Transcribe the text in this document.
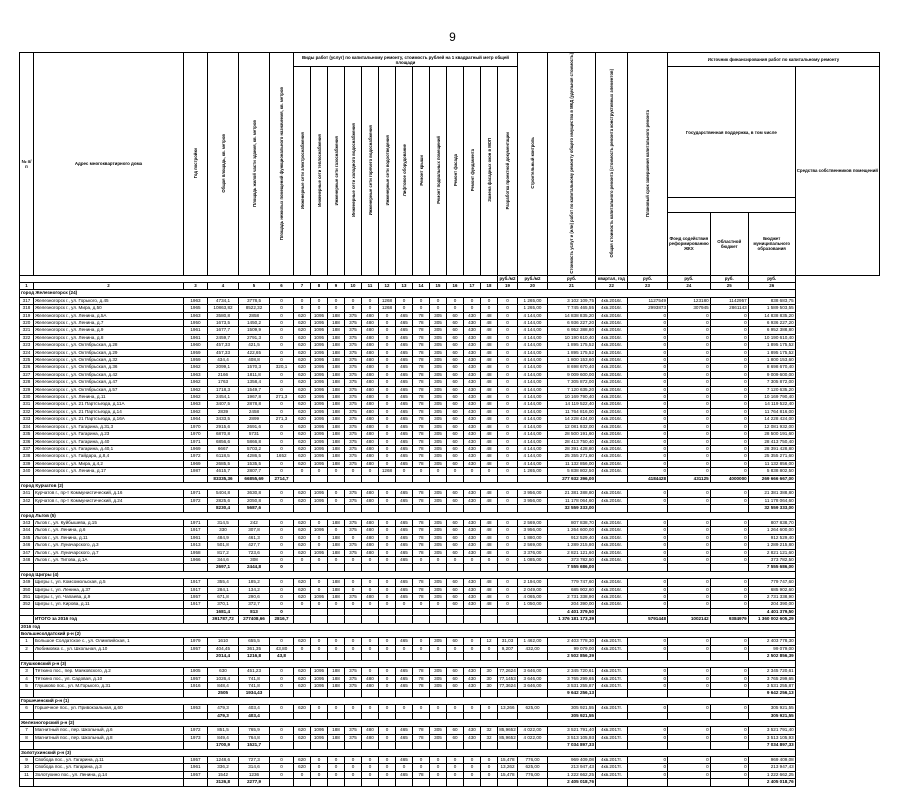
9
№ п/п	Адрес многоквартирного дома	Год постройки	Общая площадь, кв. метров	Площадь жилой части здания, кв. метров	Площадь нежилых помещений функционального назначения, кв. метров	Виды работ (услуг) по капитальному ремонту, стоимость рублей на 1 квадратный метр общей площади													Строительный контроль	Стоимость услуг и (или) работ по капитальному ремонту общего имущества в МКД (удельная стоимость)	Общая стоимость капитального ремонта (стоимость ремонта конструктивных элементов)	Плановый срок завершения капитального ремонта	Источник финансирования работ по капитальному ремонту			
						Инженерные сети электроснабжения	Инженерные сети теплоснабжения	Инженерные сети газоснабжения	Инженерные сети холодного водоснабжения	Инженерные сети горячего водоснабжения	Инженерные сети водоотведения	Лифтовое оборудование	Ремонт крыши	Ремонт подвальных помещений	Ремонт фасада	Ремонт фундамента	Замена фасадных окон в МОП	Разработка проектной документации					Государственная поддержка, в том числе			Средства собственников помещений

																							Фонд содействия реформированию ЖКХ	Областной бюджет	Бюджет муниципального образования	
																		руб./м2	руб./м2	руб.	квартал, год	руб.	руб.	руб.	руб.	
1	2	3	4	5	6	7	8	9	10	11	12	13	14	15	16	17	18	19	20	21	22	23	24	25	26	
город Железногорск (24)																										
317	Железногорск г., ул. Горького, д.45	1963	4734,1	3778,5	0	0	0	0	0	0	1268	0	0	0	0	0	0	0	1 265,00	3 102 109,75	4кв.2016г.	1127549	123180	1142957	838 683,75	
318	Железногорск г., ул. Мира, д.50	1965	10863,82	8522,32	0	0	0	0	0	0	1268	0	0	0	0	0	0	0	1 265,00	7 745 465,55	4кв.2016г.	2993873	307945	2861143	1 589 503,55	
319	Железногорск г., ул. Ленина, д.5А	1963	3580,8	2858	0	620	1095	188	375	480	0	465	78	305	60	430	48	0	4 144,00	14 838 835,20	4кв.2016г.	0	0	0	14 838 835,20	
320	Железногорск г., ул. Ленина, д.7	1950	1673,5	1450,2	0	620	1095	188	375	480	0	465	78	305	60	430	48	0	4 144,00	6 936 227,20	4кв.2016г.	0	0	0	6 936 227,20	
321	Железногорск г., ул. Ленина, д.9	1961	1677,7	1509,9	0	620	1095	188	375	480	0	465	78	305	60	430	48	0	4 144,00	6 952 388,80	4кв.2016г.	0	0	0	6 952 388,80	
322	Железногорск г., ул. Ленина, д.8	1961	2459,7	2791,3	0	620	1095	188	375	480	0	465	78	305	60	430	48	0	4 144,00	10 190 610,40	4кв.2016г.	0	0	0	10 190 610,40	
323	Железногорск г., ул. Октябрьская, д.28	1960	457,33	421,5	0	620	1095	188	375	480	0	465	78	305	60	430	48	0	4 144,00	1 895 175,52	4кв.2016г.	0	0	0	1 895 175,52	
324	Железногорск г., ул. Октябрьская, д.29	1959	457,33	422,65	0	620	1095	188	375	480	0	465	78	305	60	430	48	0	4 144,00	1 895 175,52	4кв.2016г.	0	0	0	1 895 175,52	
325	Железногорск г., ул. Октябрьская, д.32	1959	434,4	408,8	0	620	1095	188	375	480	0	465	78	305	60	430	48	0	4 144,00	1 800 153,60	4кв.2016г.	0	0	0	1 800 153,60	
326	Железногорск г., ул. Октябрьская, д.36	1962	2099,1	1570,3	320,1	620	1095	188	375	480	0	465	78	305	60	430	48	0	4 144,00	8 698 670,40	4кв.2016г.	0	0	0	8 698 670,40	
327	Железногорск г., ул. Октябрьская, д.42	1963	2166	1811,8	0	620	1095	188	375	480	0	465	78	305	60	430	48	0	4 144,00	9 009 600,00	4кв.2016г.	0	0	0	9 009 600,00	
328	Железногорск г., ул. Октябрьская, д.47	1962	1763	1358,4	0	620	1095	188	375	480	0	465	78	305	60	430	48	0	4 144,00	7 305 872,00	4кв.2016г.	0	0	0	7 305 872,00	
329	Железногорск г., ул. Октябрьская, д.57	1962	1718,3	1549,7	0	620	1095	188	375	480	0	465	78	305	60	430	48	0	4 144,00	7 120 635,20	4кв.2016г.	0	0	0	7 120 635,20	
330	Железногорск г., ул. Ленина, д.11	1962	2454,1	1967,8	271,3	620	1095	188	375	480	0	465	78	305	60	430	48	0	4 144,00	10 169 790,40	4кв.2016г.	0	0	0	10 169 790,40	
331	Железногорск г., ул. 21 Партсъезда, д.11А	1963	3407,5	2878,8	0	620	1095	188	375	480	0	465	78	305	60	430	48	0	4 144,00	14 119 522,40	4кв.2016г.	0	0	0	14 119 522,40	
332	Железногорск г., ул. 21 Партсъезда, д.14	1962	2839	2458	0	620	1095	188	375	480	0	465	78	305	60	430	48	0	4 144,00	11 764 816,00	4кв.2016г.	0	0	0	11 764 816,00	
333	Железногорск г., ул. 21 Партсъезда, д.16А	1964	3433,5	2899	271,3	620	1095	188	375	480	0	465	78	305	60	430	48	0	4 144,00	14 228 424,00	4кв.2016г.	0	0	0	14 228 424,00	
334	Железногорск г., ул. Гагарина, д.31,3	1970	2915,6	2691,6	0	620	1095	188	375	480	0	465	78	305	60	430	48	0	4 144,00	12 081 932,00	4кв.2016г.	0	0	0	12 081 932,00	
335	Железногорск г., ул. Гагарина, д.23	1970	6870,8	5731	0	620	1095	188	375	480	0	465	78	305	60	430	48	0	4 144,00	28 500 191,60	4кв.2016г.	0	0	0	28 500 191,60	
336	Железногорск г., ул. Гагарина, д.40	1971	6856,6	5866,8	0	620	1095	188	375	480	0	465	78	305	60	430	48	0	4 144,00	28 413 750,40	4кв.2016г.	0	0	0	28 413 750,40	
337	Железногорск г., ул. Гагарина, д.40,1	1969	6667	5703,2	0	620	1095	188	375	480	0	465	78	305	60	430	48	0	4 144,00	28 391 428,80	4кв.2016г.	0	0	0	28 391 428,80	
338	Железногорск г., ул. Гайдара, д.8,4	1972	6118,5	4286,5	1652	620	1095	188	375	480	0	465	78	305	60	430	48	0	4 144,00	25 355 271,60	4кв.2016г.	0	0	0	25 355 271,60	
339	Железногорск г., ул. Мира, д.4,2	1969	2685,5	1535,5	0	620	1095	188	375	480	0	465	78	305	60	430	48	0	4 144,00	11 132 856,00	4кв.2016г.	0	0	0	11 132 856,00	
340	Железногорск г., ул. Ленина, д.17	1987	4615,7	2807,7	0	0	0	0	0	0	1268	0	0	0	0	0	0	0	1 265,00	5 838 802,50	4кв.2016г.	0	0	0	5 838 802,50	
			83335,36	66855,69	2714,7															277 932 396,00		4184428	431125	4000000	269 666 667,00	
город Курчатов (2)																										
341	Курчатов г., пр-т Коммунистический, д.16	1971	5404,8	3630,8	0	620	1095	0	375	480	0	465	78	305	60	430	48	0	3 956,00	21 381 388,80	4кв.2016г.	0	0	0	21 381 388,80	
342	Курчатов г., пр-т Коммунистический, д.24	1972	2825,6	2050,8	0	620	1095	0	375	480	0	465	78	305	60	430	48	0	3 956,00	11 178 064,60	4кв.2016г.	0	0	0	11 178 064,60	
			8230,4	5687,6																32 559 333,00					32 559 333,00	
город Льгов (5)																										
343	Льгов г., ул. Куйбышева, д.15	1971	314,5	242	0	620	0	188	375	480	0	465	78	305	60	430	48	0	2 569,00	807 838,70	4кв.2016г.	0	0	0	807 838,70	
344	Льгов г., ул. Ленина, д.6	1917	330	307,8	0	620	1095	0	375	480	0	465	78	305	60	430	48	0	3 956,00	1 264 600,00	4кв.2016г.	0	0	0	1 264 600,00	
345	Льгов г., ул. Ленина, д.11	1961	484,9	461,3	0	620	0	188	0	480	0	465	78	305	60	430	48	0	1 880,00	912 529,40	4кв.2016г.	0	0	0	912 529,40	
346	Льгов г., ул. Луначарского, д.3	1913	501,8	427,7	0	620	0	188	375	480	0	465	78	305	60	430	48	0	2 569,00	1 289 215,80	4кв.2016г.	0	0	0	1 289 215,80	
347	Льгов г., ул. Луначарского, д.7	1958	817,2	723,6	0	620	1095	188	375	480	0	465	78	305	60	430	48	0	3 376,00	2 821 121,60	4кв.2016г.	0	0	0	2 821 121,60	
348	Льгов г., ул. Титова, д.1А	1966	344,6	308	0	0	0	0	0	0	0	465	0	0	0	0	0	0	1 085,00	373 782,50	4кв.2016г.	0	0	0	373 782,50	
			2697,1	2444,8	0															7 555 686,00					7 555 686,00	
город Щигры (4)																										
349	Щигры г., ул. Комсомольская, д.5	1917	355,4	185,2	0	620	0	188	0	0	0	465	78	305	60	430	48	0	2 194,00	779 747,60	4кв.2016г.	0	0	0	779 747,60	
350	Щигры г., ул. Ленина, д.37	1917	284,1	134,2	0	620	0	188	0	0	0	465	78	305	60	430	48	0	2 049,00	685 902,60	4кв.2016г.	0	0	0	685 902,60	
351	Щигры г., ул. Чапаева, д.9	1957	671,8	290,6	0	620	1095	188	375	480	0	465	78	305	60	430	48	0	4 065,00	2 731 338,90	4кв.2016г.	0	0	0	2 731 338,90	
352	Щигры г., ул. Кирова, д.11	1917	370,1	372,7	0	0	0	0	0	0	0	0	0	0	60	430	48	0	1 050,00	204 390,00	4кв.2016г.	0	0	0	204 390,00	
			1681,4	813	0															4 401 379,50					4 401 379,50	
	ИТОГО за 2016 год		391787,72	277408,66	2816,7															1 376 181 173,39		5791448	1002142	9384979	1 360 002 605,29	
2016 год																										
Большесолдатский р-н (2)																										
1	Большое Солдатское с., ул. Олимпийская, 1	1979	1610	655,5	0	620	0	0	0	0	0	465	0	305	60	0	12	31,03	1 462,00	2 403 778,30	4кв.2017г.	0	0	0	2 403 778,30	
2	Любимовка с., ул. Школьная, д.10	1957	404,45	361,35	43,80	0	0	0	0	0	0	0	0	0	0	0	0	9,207	432,00	99 079,00	4кв.2017г.	0	0	0	99 079,00	
			2014,4	1216,8	43,8															2 502 856,39					2 502 856,39	
Глушковский р-н (3)																										
3	Тёткино пос., пер. Маяковского, д.2	1905	630	451,23	0	620	1095	188	375	0	0	465	78	305	60	430	30	77,2624	3 646,00	2 345 720,61	4кв.2017г.	0	0	0	2 345 720,61	
4	Тёткино пос., ул. Садовая, д.10	1957	1026,4	741,8	0	620	1095	188	375	480	0	465	78	305	60	430	30	77,1453	3 646,00	3 765 299,65	4кв.2017г.	0	0	0	3 765 299,65	
5	Глушково пос., ул. М.Горького, д.31	1916	848,4	741,8	0	620	1095	188	375	480	0	465	78	305	60	430	30	77,3624	3 646,00	3 531 255,87	4кв.2017г.	0	0	0	3 531 255,87	
			2505	1934,43																9 642 256,13					9 642 256,13	
Горшеченский р-н (1)																										
6	Горшечное пос., ул. Привокзальная, д.60	1953	479,3	403,4	0	620	0	0	0	0	0	0	0	0	0	0	0	13,266	625,00	305 921,55	4кв.2017г.	0	0	0	305 921,55	
			479,3	403,4																305 921,55					305 921,55	
Железногорский р-н (2)																										
7	Магнитный пос., пер. Школьный, д.6	1972	851,5	765,9	0	620	1095	188	375	480	0	465	78	305	60	430	32	85,9652	4 022,00	3 521 791,40	4кв.2017г.	0	0	0	3 521 791,40	
8	Магнитный пос., пер. Школьный, д.8	1973	849,4	764,8	0	620	1095	188	375	480	0	465	78	305	60	430	32	85,9652	4 022,00	3 513 105,93	4кв.2017г.	0	0	0	3 513 105,93	
			1700,9	1521,7																7 034 897,33					7 034 897,33	
Золотухинский р-н (3)																										
9	Свобода пос., ул. Гагарина, д.11	1957	1248,6	727,3	0	620	0	0	0	0	0	465	0	0	0	0	0	15,478	776,00	969 409,08	4кв.2017г.	0	0	0	969 409,08	
10	Свобода пос., ул. Гагарина, д.3	1961	336,2	314,6	0	620	0	0	0	0	0	0	0	0	0	0	0	13,262	625,00	213 947,43	4кв.2017г.	0	0	0	213 947,43	
11	Золотухино пос., ул. Ленина, д.14	1957	1542	1236	0	0	0	0	0	0	0	465	78	0	0	0	0	15,478	776,00	1 222 662,25	4кв.2017г.	0	0	0	1 222 662,25	
			3126,8	2277,9																2 405 018,76					2 405 018,76	
